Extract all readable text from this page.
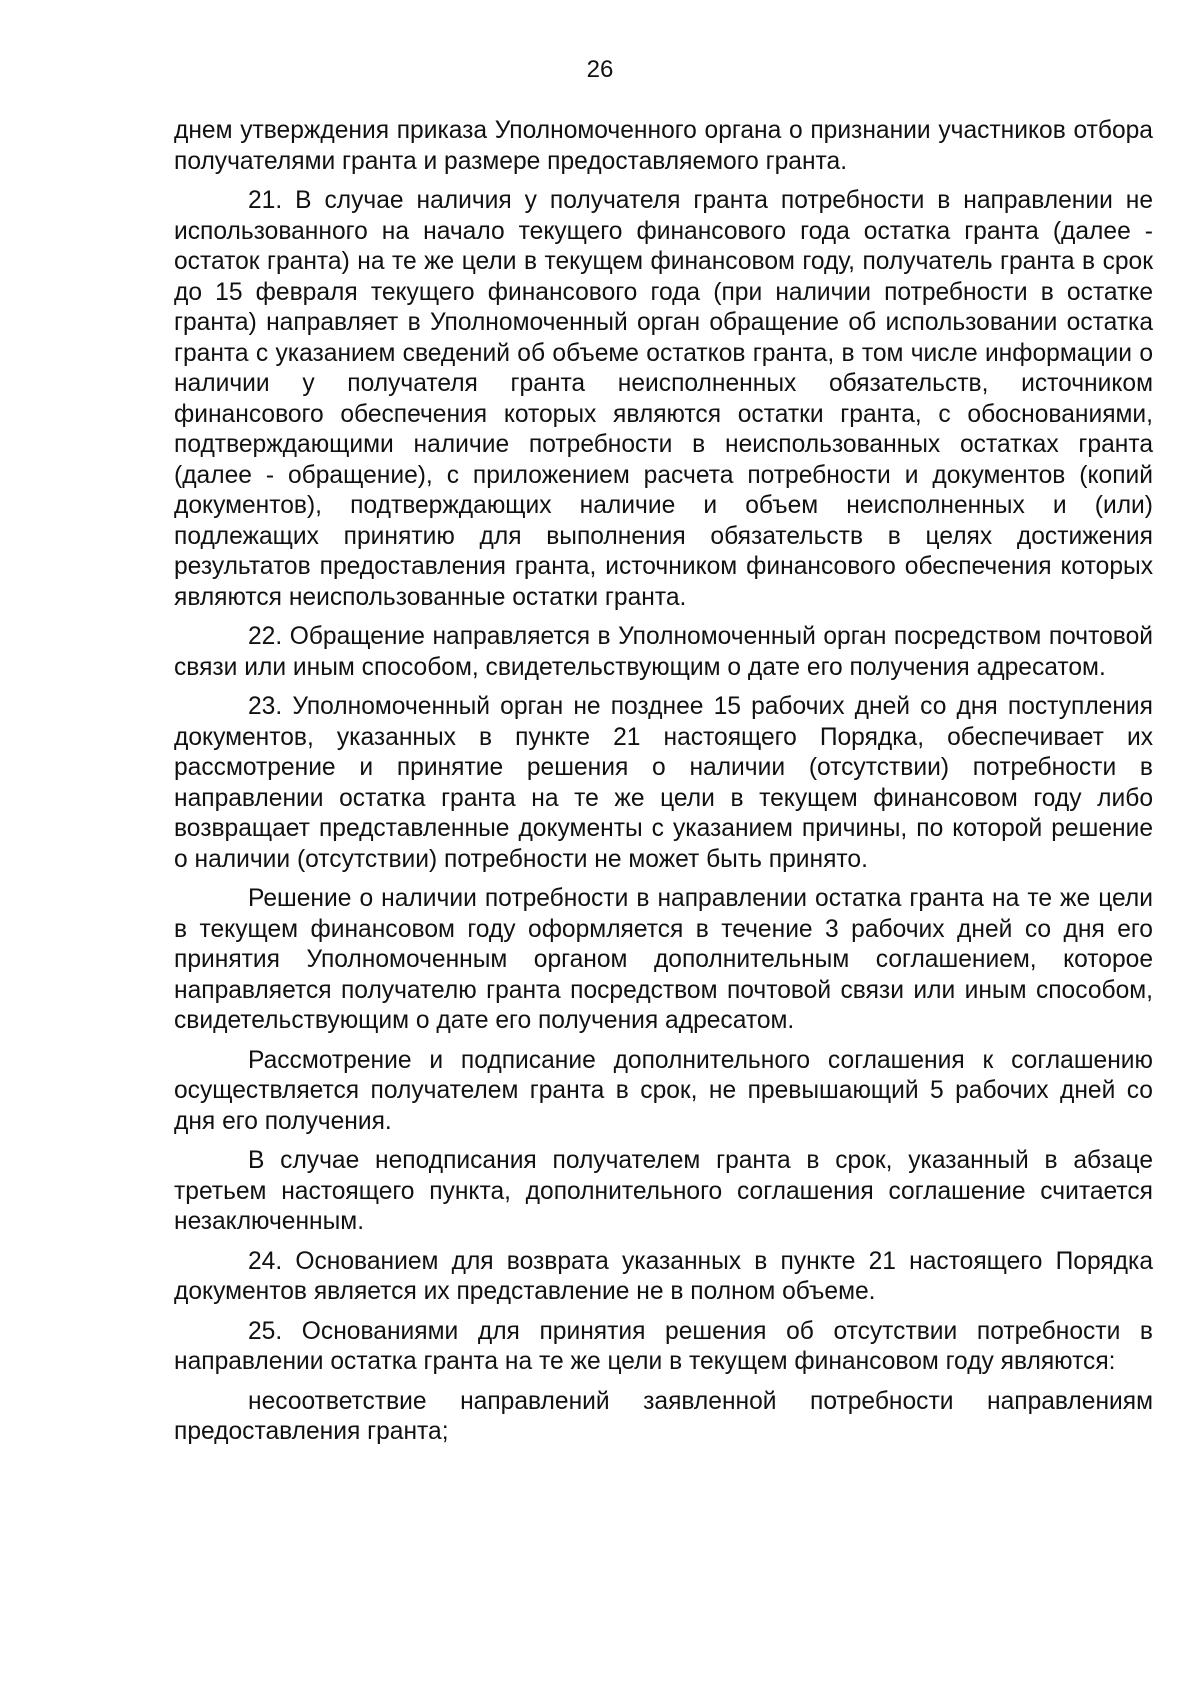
26

днем утверждения приказа Уполномоченного органа о признании участников отбора получателями гранта и размере предоставляемого гранта.

21. В случае наличия у получателя гранта потребности в направлении не использованного на начало текущего финансового года остатка гранта (далее - остаток гранта) на те же цели в текущем финансовом году, получатель гранта в срок до 15 февраля текущего финансового года (при наличии потребности в остатке гранта) направляет в Уполномоченный орган обращение об использовании остатка гранта с указанием сведений об объеме остатков гранта, в том числе информации о наличии у получателя гранта неисполненных обязательств, источником финансового обеспечения которых являются остатки гранта, с обоснованиями, подтверждающими наличие потребности в неиспользованных остатках гранта (далее - обращение), с приложением расчета потребности и документов (копий документов), подтверждающих наличие и объем неисполненных и (или) подлежащих принятию для выполнения обязательств в целях достижения результатов предоставления гранта, источником финансового обеспечения которых являются неиспользованные остатки гранта.

22. Обращение направляется в Уполномоченный орган посредством почтовой связи или иным способом, свидетельствующим о дате его получения адресатом.

23. Уполномоченный орган не позднее 15 рабочих дней со дня поступления документов, указанных в пункте 21 настоящего Порядка, обеспечивает их рассмотрение и принятие решения о наличии (отсутствии) потребности в направлении остатка гранта на те же цели в текущем финансовом году либо возвращает представленные документы с указанием причины, по которой решение о наличии (отсутствии) потребности не может быть принято.

Решение о наличии потребности в направлении остатка гранта на те же цели в текущем финансовом году оформляется в течение 3 рабочих дней со дня его принятия Уполномоченным органом дополнительным соглашением, которое направляется получателю гранта посредством почтовой связи или иным способом, свидетельствующим о дате его получения адресатом.

Рассмотрение и подписание дополнительного соглашения к соглашению осуществляется получателем гранта в срок, не превышающий 5 рабочих дней со дня его получения.

В случае неподписания получателем гранта в срок, указанный в абзаце третьем настоящего пункта, дополнительного соглашения соглашение считается незаключенным.

24. Основанием для возврата указанных в пункте 21 настоящего Порядка документов является их представление не в полном объеме.

25. Основаниями для принятия решения об отсутствии потребности в направлении остатка гранта на те же цели в текущем финансовом году являются:

несоответствие направлений заявленной потребности направлениям предоставления гранта;
